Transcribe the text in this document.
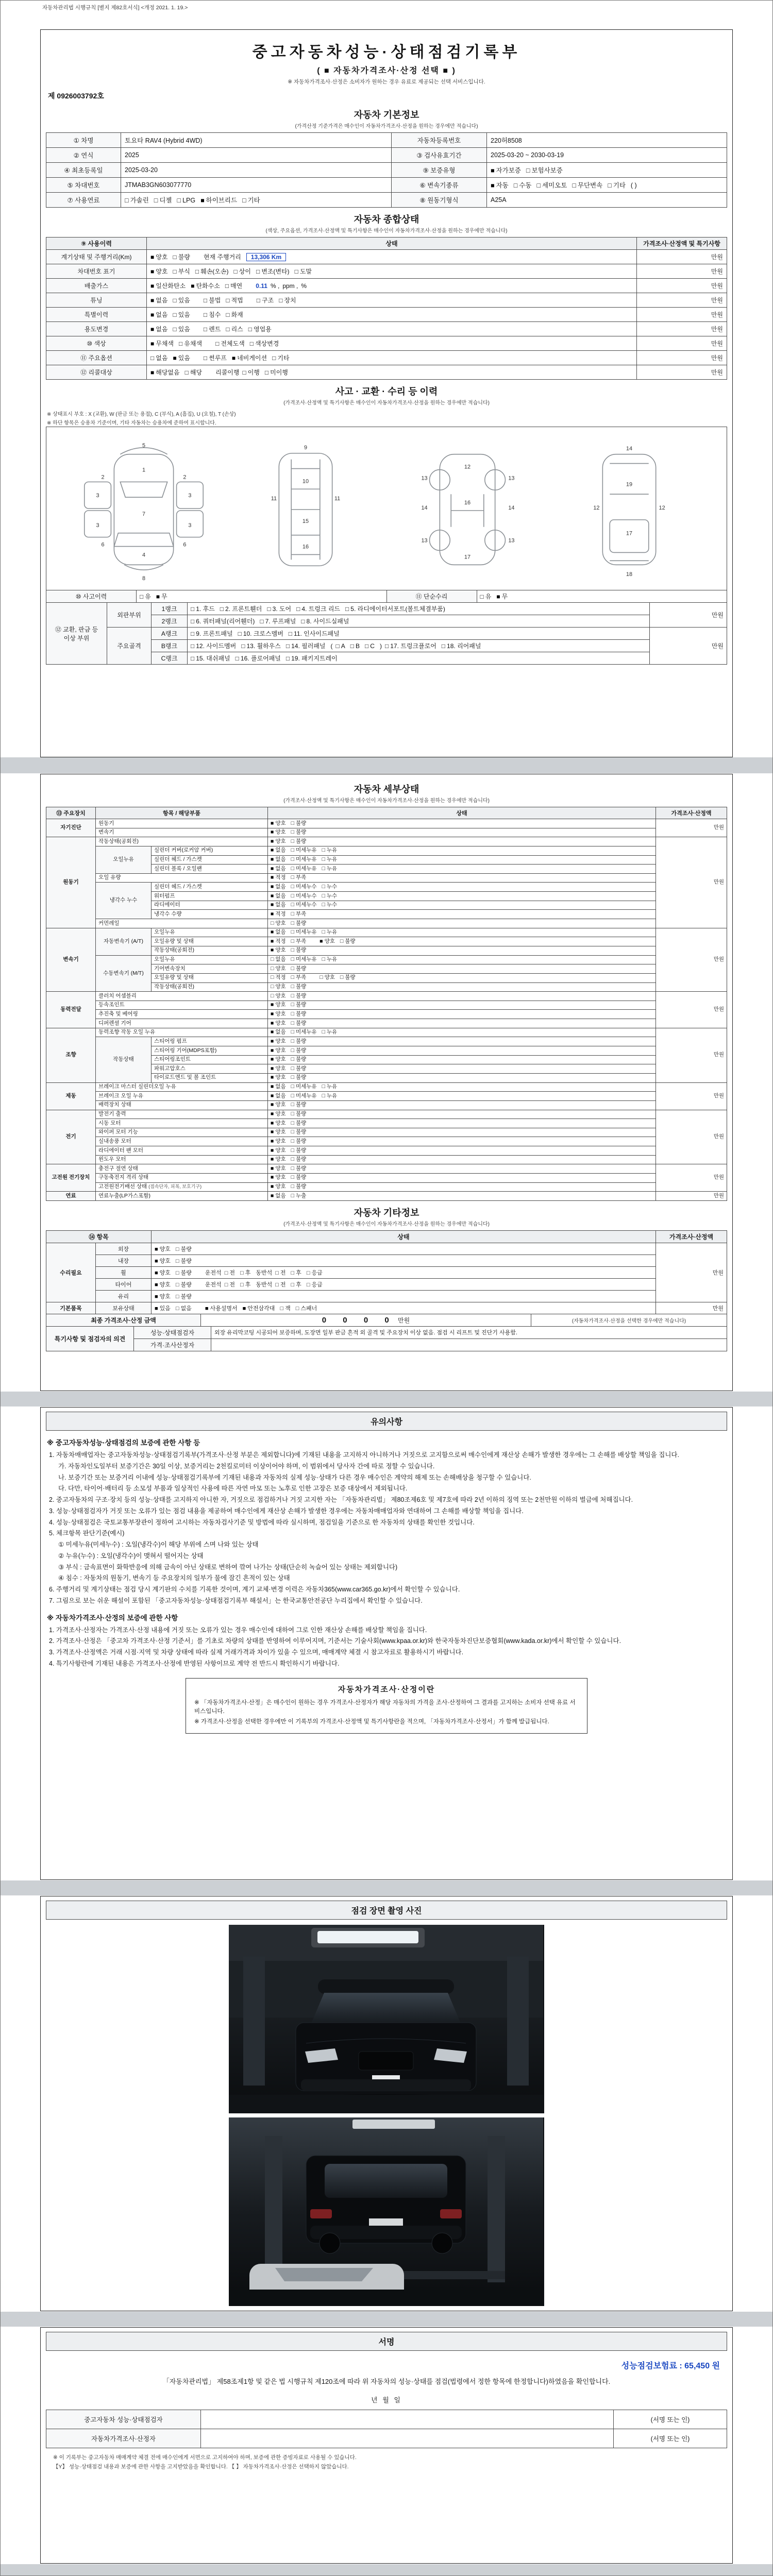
자동차관리법 시행규칙 [별지 제82호서식] <개정 2021. 1. 19.>
중고자동차성능·상태점검기록부
( ■ 자동차가격조사·산정 선택 ■ )
※ 자동차가격조사·산정은 소비자가 원하는 경우 유료로 제공되는 선택 서비스입니다.
제 0926003792호
자동차 기본정보
(가격산정 기준가격은 매수인이 자동차가격조사·산정을 원하는 경우에만 적습니다)
① 차명	토요타 RAV4 (Hybrid 4WD)	자동차등록번호	220허8508
② 연식	2025	③ 검사유효기간	2025-03-20 ~ 2030-03-19
④ 최초등록일	2025-03-20	⑨ 보증유형	■ 자가보증 □ 보험사보증
⑤ 차대번호	JTMAB3GN603077770	⑥ 변속기종류	■ 자동 □ 수동 □ 세미오토 □ 무단변속 □ 기타 ( )
⑦ 사용연료	□ 가솔린 □ 디젤 □ LPG ■ 하이브리드 □ 기타	⑧ 원동기형식	A25A
자동차 종합상태
(색상, 주요옵션, 가격조사·산정액 및 특기사항은 매수인이 자동차가격조사·산정을 원하는 경우에만 적습니다)
⑨ 사용이력	상태	가격조사·산정액 및 특기사항
계기상태 및 주행거리(Km)	■ 양호 □ 불량 현재 주행거리 13,306 Km	만원
차대번호 표기	■ 양호 □ 부식 □ 훼손(오손) □ 상이 □ 변조(변타) □ 도말	만원
배출가스	■ 일산화탄소 ■ 탄화수소 □ 매연 0.11 % , ppm , %	만원
튜닝	■ 없음 □ 있음 □ 불법 □ 적법 □ 구조 □ 장치	만원
특별이력	■ 없음 □ 있음 □ 침수 □ 화재	만원
용도변경	■ 없음 □ 있음 □ 렌트 □ 리스 □ 영업용	만원
⑩ 색상	■ 무채색 □ 유채색 □ 전체도색 □ 색상변경	만원
⑪ 주요옵션	□ 없음 ■ 있음 □ 썬루프 ■ 네비게이션 □ 기타	만원
⑫ 리콜대상	■ 해당없음 □ 해당 리콜이행 □ 이행 □ 미이행	만원
사고 · 교환 · 수리 등 이력
(가격조사·산정액 및 특기사항은 매수인이 자동차가격조사·산정을 원하는 경우에만 적습니다)
※ 상태표시 부호 : X (교환), W (판금 또는 용접), C (부식), A (흠집), U (요철), T (손상)
※ 하단 항목은 승용차 기준이며, 기타 자동차는 승용차에 준하여 표시합니다.
5
1
2	2
3	3
7
3	3
6	6
4
8
9
10
11	11
15
16
13	13
12
14	14
16
13	13
17
14
19
17
18
12	12
⑩ 사고이력	□ 유 ■ 무	⑪ 단순수리	□ 유 ■ 무
⑫ 교환, 판금 등 이상 부위	외판부위	1랭크	□ 1. 후드 □ 2. 프론트휀더 □ 3. 도어 □ 4. 트렁크 리드 □ 5. 라디에이터서포트(볼트체결부품)	만원
		2랭크	□ 6. 쿼터패널(리어휀더) □ 7. 루프패널 □ 8. 사이드실패널	
	주요골격	A랭크	□ 9. 프론트패널 □ 10. 크로스멤버 □ 11. 인사이드패널	만원
		B랭크	□ 12. 사이드멤버 □ 13. 휠하우스 □ 14. 필러패널 ( □ A □ B □ C ) □ 17. 트렁크플로어 □ 18. 리어패널	
		C랭크	□ 15. 대쉬패널 □ 16. 플로어패널 □ 19. 패키지트레이	
자동차 세부상태
(가격조사·산정액 및 특기사항은 매수인이 자동차가격조사·산정을 원하는 경우에만 적습니다)
⑬ 주요장치	항목 / 해당부품		상태	가격조사·산정액
자기진단	원동기		■ 양호 □ 불량	만원
	변속기		■ 양호 □ 불량	
원동기	작동상태(공회전)		■ 양호 □ 불량	만원
	오일누유	실린더 커버(로커암 커버)	■ 없음 □ 미세누유 □ 누유	
		실린더 헤드 / 가스켓	■ 없음 □ 미세누유 □ 누유	
		실린더 블록 / 오일팬	■ 없음 □ 미세누유 □ 누유	
	오일 유량		■ 적정 □ 부족	
	냉각수 누수	실린더 헤드 / 가스켓	■ 없음 □ 미세누수 □ 누수	
		워터펌프	■ 없음 □ 미세누수 □ 누수	
		라디에이터	■ 없음 □ 미세누수 □ 누수	
		냉각수 수량	■ 적정 □ 부족	
	커먼레일		□ 양호 □ 불량	
변속기	자동변속기 (A/T)	오일누유	■ 없음 □ 미세누유 □ 누유	만원
		오일유량 및 상태	■ 적정 □ 부족 ■ 양호 □ 불량	
		작동상태(공회전)	■ 양호 □ 불량	
	수동변속기 (M/T)	오일누유	□ 없음 □ 미세누유 □ 누유	
		기어변속장치	□ 양호 □ 불량	
		오일유량 및 상태	□ 적정 □ 부족 □ 양호 □ 불량	
		작동상태(공회전)	□ 양호 □ 불량	
동력전달	클러치 어셈블리		□ 양호 □ 불량	만원
	등속조인트		■ 양호 □ 불량	
	추진축 및 베어링		■ 양호 □ 불량	
	디퍼렌셜 기어		■ 양호 □ 불량	
조향	동력조향 작동 오일 누유		■ 없음 □ 미세누유 □ 누유	만원
	작동상태	스티어링 펌프	■ 양호 □ 불량	
		스티어링 기어(MDPS포함)	■ 양호 □ 불량	
		스티어링조인트	■ 양호 □ 불량	
		파워고압호스	■ 양호 □ 불량	
		타이로드엔드 및 볼 조인트	■ 양호 □ 불량	
제동	브레이크 마스터 실린더오일 누유		■ 없음 □ 미세누유 □ 누유	만원
	브레이크 오일 누유		■ 없음 □ 미세누유 □ 누유	
	배력장치 상태		■ 양호 □ 불량	
전기	발전기 출력		■ 양호 □ 불량	만원
	시동 모터		■ 양호 □ 불량	
	와이퍼 모터 기능		■ 양호 □ 불량	
	실내송풍 모터		■ 양호 □ 불량	
	라디에이터 팬 모터		■ 양호 □ 불량	
	윈도우 모터		■ 양호 □ 불량	
고전원 전기장치	충전구 절연 상태		■ 양호 □ 불량	만원
	구동축전지 격리 상태		■ 양호 □ 불량	
	고전원전기배선 상태 (접속단자, 피복, 보호기구)		■ 양호 □ 불량	
연료	연료누출(LP가스포함)		■ 없음 □ 누출	만원
자동차 기타정보
(가격조사·산정액 및 특기사항은 매수인이 자동차가격조사·산정을 원하는 경우에만 적습니다)
⑭ 항목		상태	가격조사·산정액
수리필요	외장	■ 양호 □ 불량	만원
	내장	■ 양호 □ 불량	
	휠	■ 양호 □ 불량 운전석 □ 전 □ 후 동반석 □ 전 □ 후 □ 응급	
	타이어	■ 양호 □ 불량 운전석 □ 전 □ 후 동반석 □ 전 □ 후 □ 응급	
	유리	■ 양호 □ 불량	
기본품목	보유상태	■ 있음 □ 없음 ■ 사용설명서 ■ 안전삼각대 □ 잭 □ 스패너	만원
최종 가격조사·산정 금액	0 0 0 0 만원	(자동차가격조사·산정을 선택한 경우에만 적습니다)
특기사항 및 점검자의 의견	성능·상태점검자	외장 유리막코팅 시공되어 보증하며, 도장면 일부 판금 흔적 외 골격 및 주요장치 이상 없음. 점검 시 리프트 및 진단기 사용함.
	가격·조사산정자	
유의사항
※ 중고자동차성능·상태점검의 보증에 관한 사항 등
1. 자동차매매업자는 중고자동차성능·상태점검기록부(가격조사·산정 부분은 제외합니다)에 기재된 내용을 고지하지 아니하거나 거짓으로 고지함으로써 매수인에게 재산상 손해가 발생한 경우에는 그 손해를 배상할 책임을 집니다.
가. 자동차인도일부터 보증기간은 30일 이상, 보증거리는 2천킬로미터 이상이어야 하며, 이 범위에서 당사자 간에 따로 정할 수 있습니다.
나. 보증기간 또는 보증거리 이내에 성능·상태점검기록부에 기재된 내용과 자동차의 실제 성능·상태가 다른 경우 매수인은 계약의 해제 또는 손해배상을 청구할 수 있습니다.
다. 다만, 타이어·배터리 등 소모성 부품과 일상적인 사용에 따른 자연 마모 또는 노후로 인한 고장은 보증 대상에서 제외됩니다.
2. 중고자동차의 구조·장치 등의 성능·상태를 고지하지 아니한 자, 거짓으로 점검하거나 거짓 고지한 자는 「자동차관리법」 제80조제6호 및 제7호에 따라 2년 이하의 징역 또는 2천만원 이하의 벌금에 처해집니다.
3. 성능·상태점검자가 거짓 또는 오류가 있는 점검 내용을 제공하여 매수인에게 재산상 손해가 발생한 경우에는 자동차매매업자와 연대하여 그 손해를 배상할 책임을 집니다.
4. 성능·상태점검은 국토교통부장관이 정하여 고시하는 자동차검사기준 및 방법에 따라 실시하며, 점검일을 기준으로 한 자동차의 상태를 확인한 것입니다.
5. 체크항목 판단기준(예시)
① 미세누유(미세누수) : 오일(냉각수)이 해당 부위에 스며 나와 있는 상태
② 누유(누수) : 오일(냉각수)이 맺혀서 떨어지는 상태
③ 부식 : 금속표면이 화학반응에 의해 금속이 아닌 상태로 변하여 깎여 나가는 상태(단순히 녹슬어 있는 상태는 제외합니다)
④ 침수 : 자동차의 원동기, 변속기 등 주요장치의 일부가 물에 잠긴 흔적이 있는 상태
6. 주행거리 및 계기상태는 점검 당시 계기판의 수치를 기록한 것이며, 계기 교체·변경 이력은 자동차365(www.car365.go.kr)에서 확인할 수 있습니다.
7. 그림으로 보는 쉬운 해설이 포함된 「중고자동차성능·상태점검기록부 해설서」는 한국교통안전공단 누리집에서 확인할 수 있습니다.
※ 자동차가격조사·산정의 보증에 관한 사항
1. 가격조사·산정자는 가격조사·산정 내용에 거짓 또는 오류가 있는 경우 매수인에 대하여 그로 인한 재산상 손해를 배상할 책임을 집니다.
2. 가격조사·산정은 「중고차 가격조사·산정 기준서」를 기초로 차량의 상태를 반영하여 이루어지며, 기준서는 기술사회(www.kpaa.or.kr)와 한국자동차진단보증협회(www.kada.or.kr)에서 확인할 수 있습니다.
3. 가격조사·산정액은 거래 시점·지역 및 차량 상태에 따라 실제 거래가격과 차이가 있을 수 있으며, 매매계약 체결 시 참고자료로 활용하시기 바랍니다.
4. 특기사항란에 기재된 내용은 가격조사·산정에 반영된 사항이므로 계약 전 반드시 확인하시기 바랍니다.
자동차가격조사·산정이란
※ 「자동차가격조사·산정」은 매수인이 원하는 경우 가격조사·산정자가 해당 자동차의 가격을 조사·산정하여 그 결과를 고지하는 소비자 선택 유료 서비스입니다.
※ 가격조사·산정을 선택한 경우에만 이 기록부의 가격조사·산정액 및 특기사항란을 적으며, 「자동차가격조사·산정서」가 함께 발급됩니다.
점검 장면 촬영 사진
서명
성능점검보험료 : 65,450 원
「자동차관리법」 제58조제1항 및 같은 법 시행규칙 제120조에 따라 위 자동차의 성능·상태를 점검(법령에서 정한 항목에 한정합니다)하였음을 확인합니다.
년 월 일
중고자동차 성능·상태점검자		(서명 또는 인)
자동차가격조사·산정자		(서명 또는 인)
※ 이 기록부는 중고자동차 매매계약 체결 전에 매수인에게 서면으로 고지하여야 하며, 보증에 관한 증빙자료로 사용될 수 있습니다.
【Y】 성능·상태점검 내용과 보증에 관한 사항을 고지받았음을 확인합니다. 【 】 자동차가격조사·산정은 선택하지 않았습니다.
